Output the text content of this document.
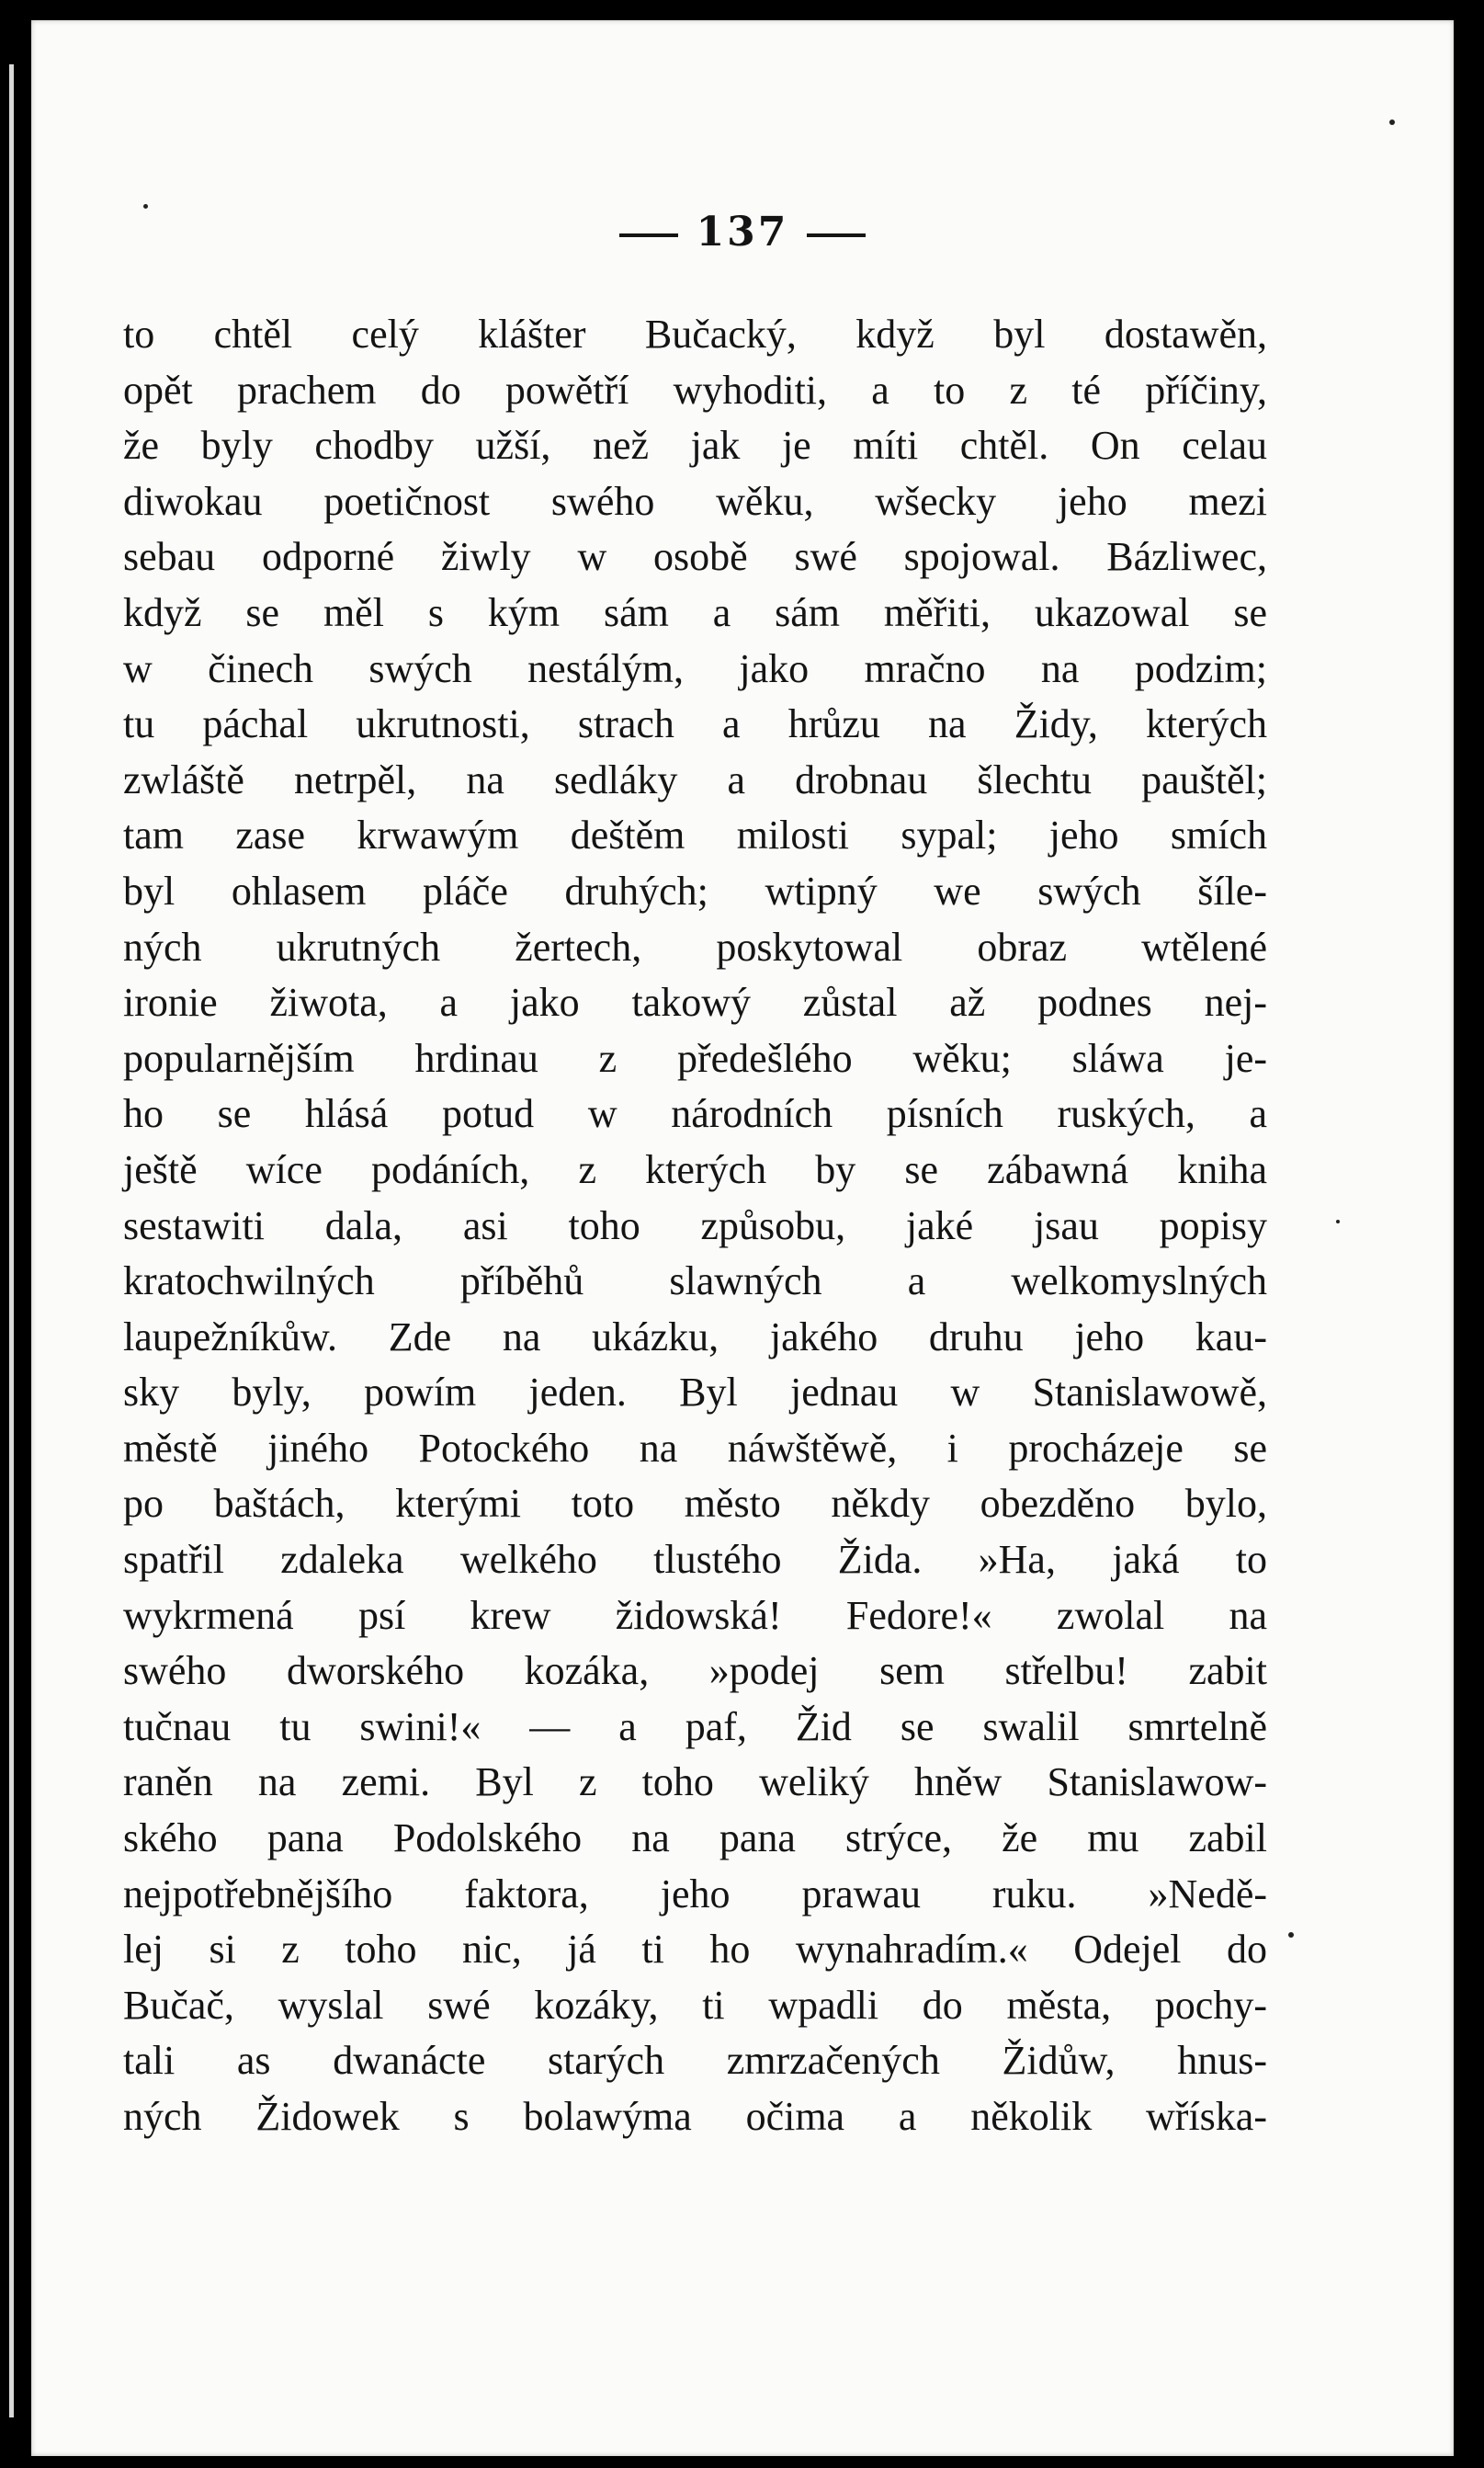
137
to chtěl celý klášter Bučacký, když byl dostawěn,
opět prachem do powětří wyhoditi, a to z té příčiny,
že byly chodby užší, než jak je míti chtěl. On celau
diwokau poetičnost swého wěku, wšecky jeho mezi
sebau odporné žiwly w osobě swé spojowal. Bázliwec,
když se měl s kým sám a sám měřiti, ukazowal se
w činech swých nestálým, jako mračno na podzim;
tu páchal ukrutnosti, strach a hrůzu na Židy, kterých
zwláště netrpěl, na sedláky a drobnau šlechtu pauštěl;
tam zase krwawým deštěm milosti sypal; jeho smích
byl ohlasem pláče druhých; wtipný we swých šíle-
ných ukrutných žertech, poskytowal obraz wtělené
ironie žiwota, a jako takowý zůstal až podnes nej-
popularnějším hrdinau z předešlého wěku; sláwa je-
ho se hlásá potud w národních písních ruských, a
ještě wíce podáních, z kterých by se zábawná kniha
sestawiti dala, asi toho způsobu, jaké jsau popisy
kratochwilných příběhů slawných a welkomyslných
laupežníkůw. Zde na ukázku, jakého druhu jeho kau-
sky byly, powím jeden. Byl jednau w Stanislawowě,
městě jiného Potockého na náwštěwě, i procházeje se
po baštách, kterými toto město někdy obezděno bylo,
spatřil zdaleka welkého tlustého Žida. »Ha, jaká to
wykrmená psí krew židowská! Fedore!« zwolal na
swého dworského kozáka, »podej sem střelbu! zabit
tučnau tu swini!« — a paf, Žid se swalil smrtelně
raněn na zemi. Byl z toho weliký hněw Stanislawow-
ského pana Podolského na pana strýce, že mu zabil
nejpotřebnějšího faktora, jeho prawau ruku. »Nedě-
lej si z toho nic, já ti ho wynahradím.« Odejel do
Bučač, wyslal swé kozáky, ti wpadli do města, pochy-
tali as dwanácte starých zmrzačených Židůw, hnus-
ných Židowek s bolawýma očima a několik wříska-
